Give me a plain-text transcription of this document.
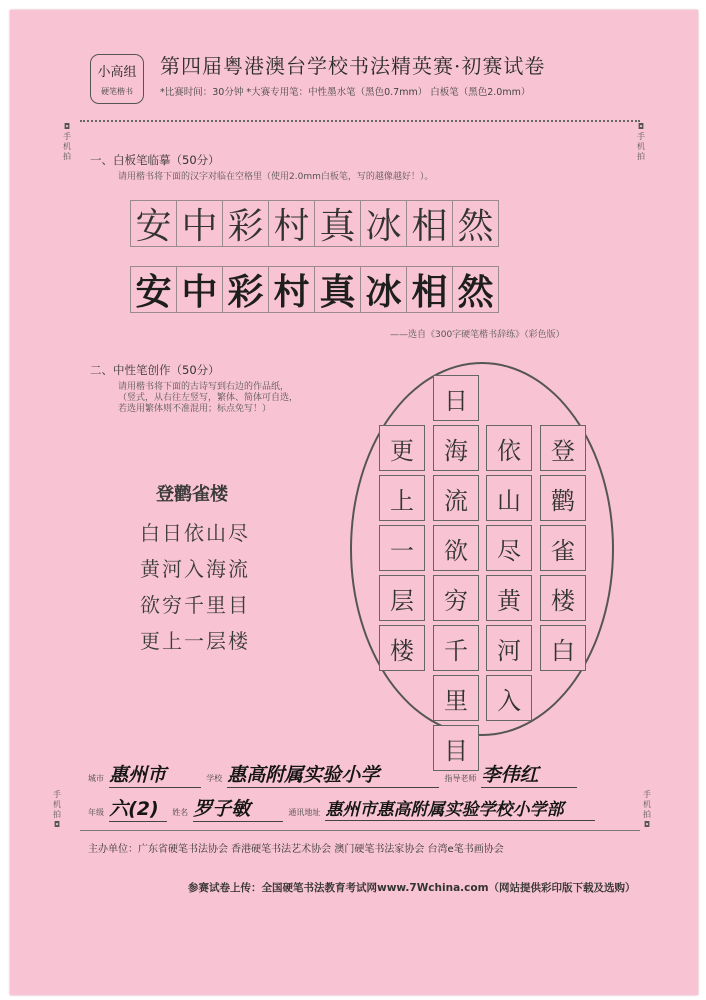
小高组
硬笔楷书
第四届粤港澳台学校书法精英赛·初赛试卷
*比赛时间：30分钟 *大赛专用笔：中性墨水笔（黑色0.7mm） 白板笔（黑色2.0mm）
◘
手机拍
◘
手机拍
手机拍
◘
手机拍
◘
一、白板笔临摹（50分）
请用楷书将下面的汉字对临在空格里（使用2.0mm白板笔，写的越像越好！）。
安 中 彩 村 真 冰 相 然
安 中 彩 村 真 冰 相 然
——选自《300字硬笔楷书辞练》（彩色版）
二、中性笔创作（50分）
请用楷书将下面的古诗写到右边的作品纸，
（竖式，从右往左竖写，繁体、简体可自选，
若选用繁体则不准混用；标点免写！）
登鹳雀楼
白日依山尽
黄河入海流
欲穷千里目
更上一层楼
登
鹳
雀
楼
白
依
山
尽
黄
河
入
日
海
流
欲
穷
千
里
目
更
上
一
层
楼
城市 惠州市	学校 惠高附属实验小学	指导老师 李伟红
年级 六(2) 姓名 罗子敏	通讯地址 惠州市惠高附属实验学校小学部
主办单位：广东省硬笔书法协会 香港硬笔书法艺术协会 澳门硬笔书法家协会 台湾e笔书画协会
参赛试卷上传：全国硬笔书法教育考试网www.7Wchina.com（网站提供彩印版下载及选购）
